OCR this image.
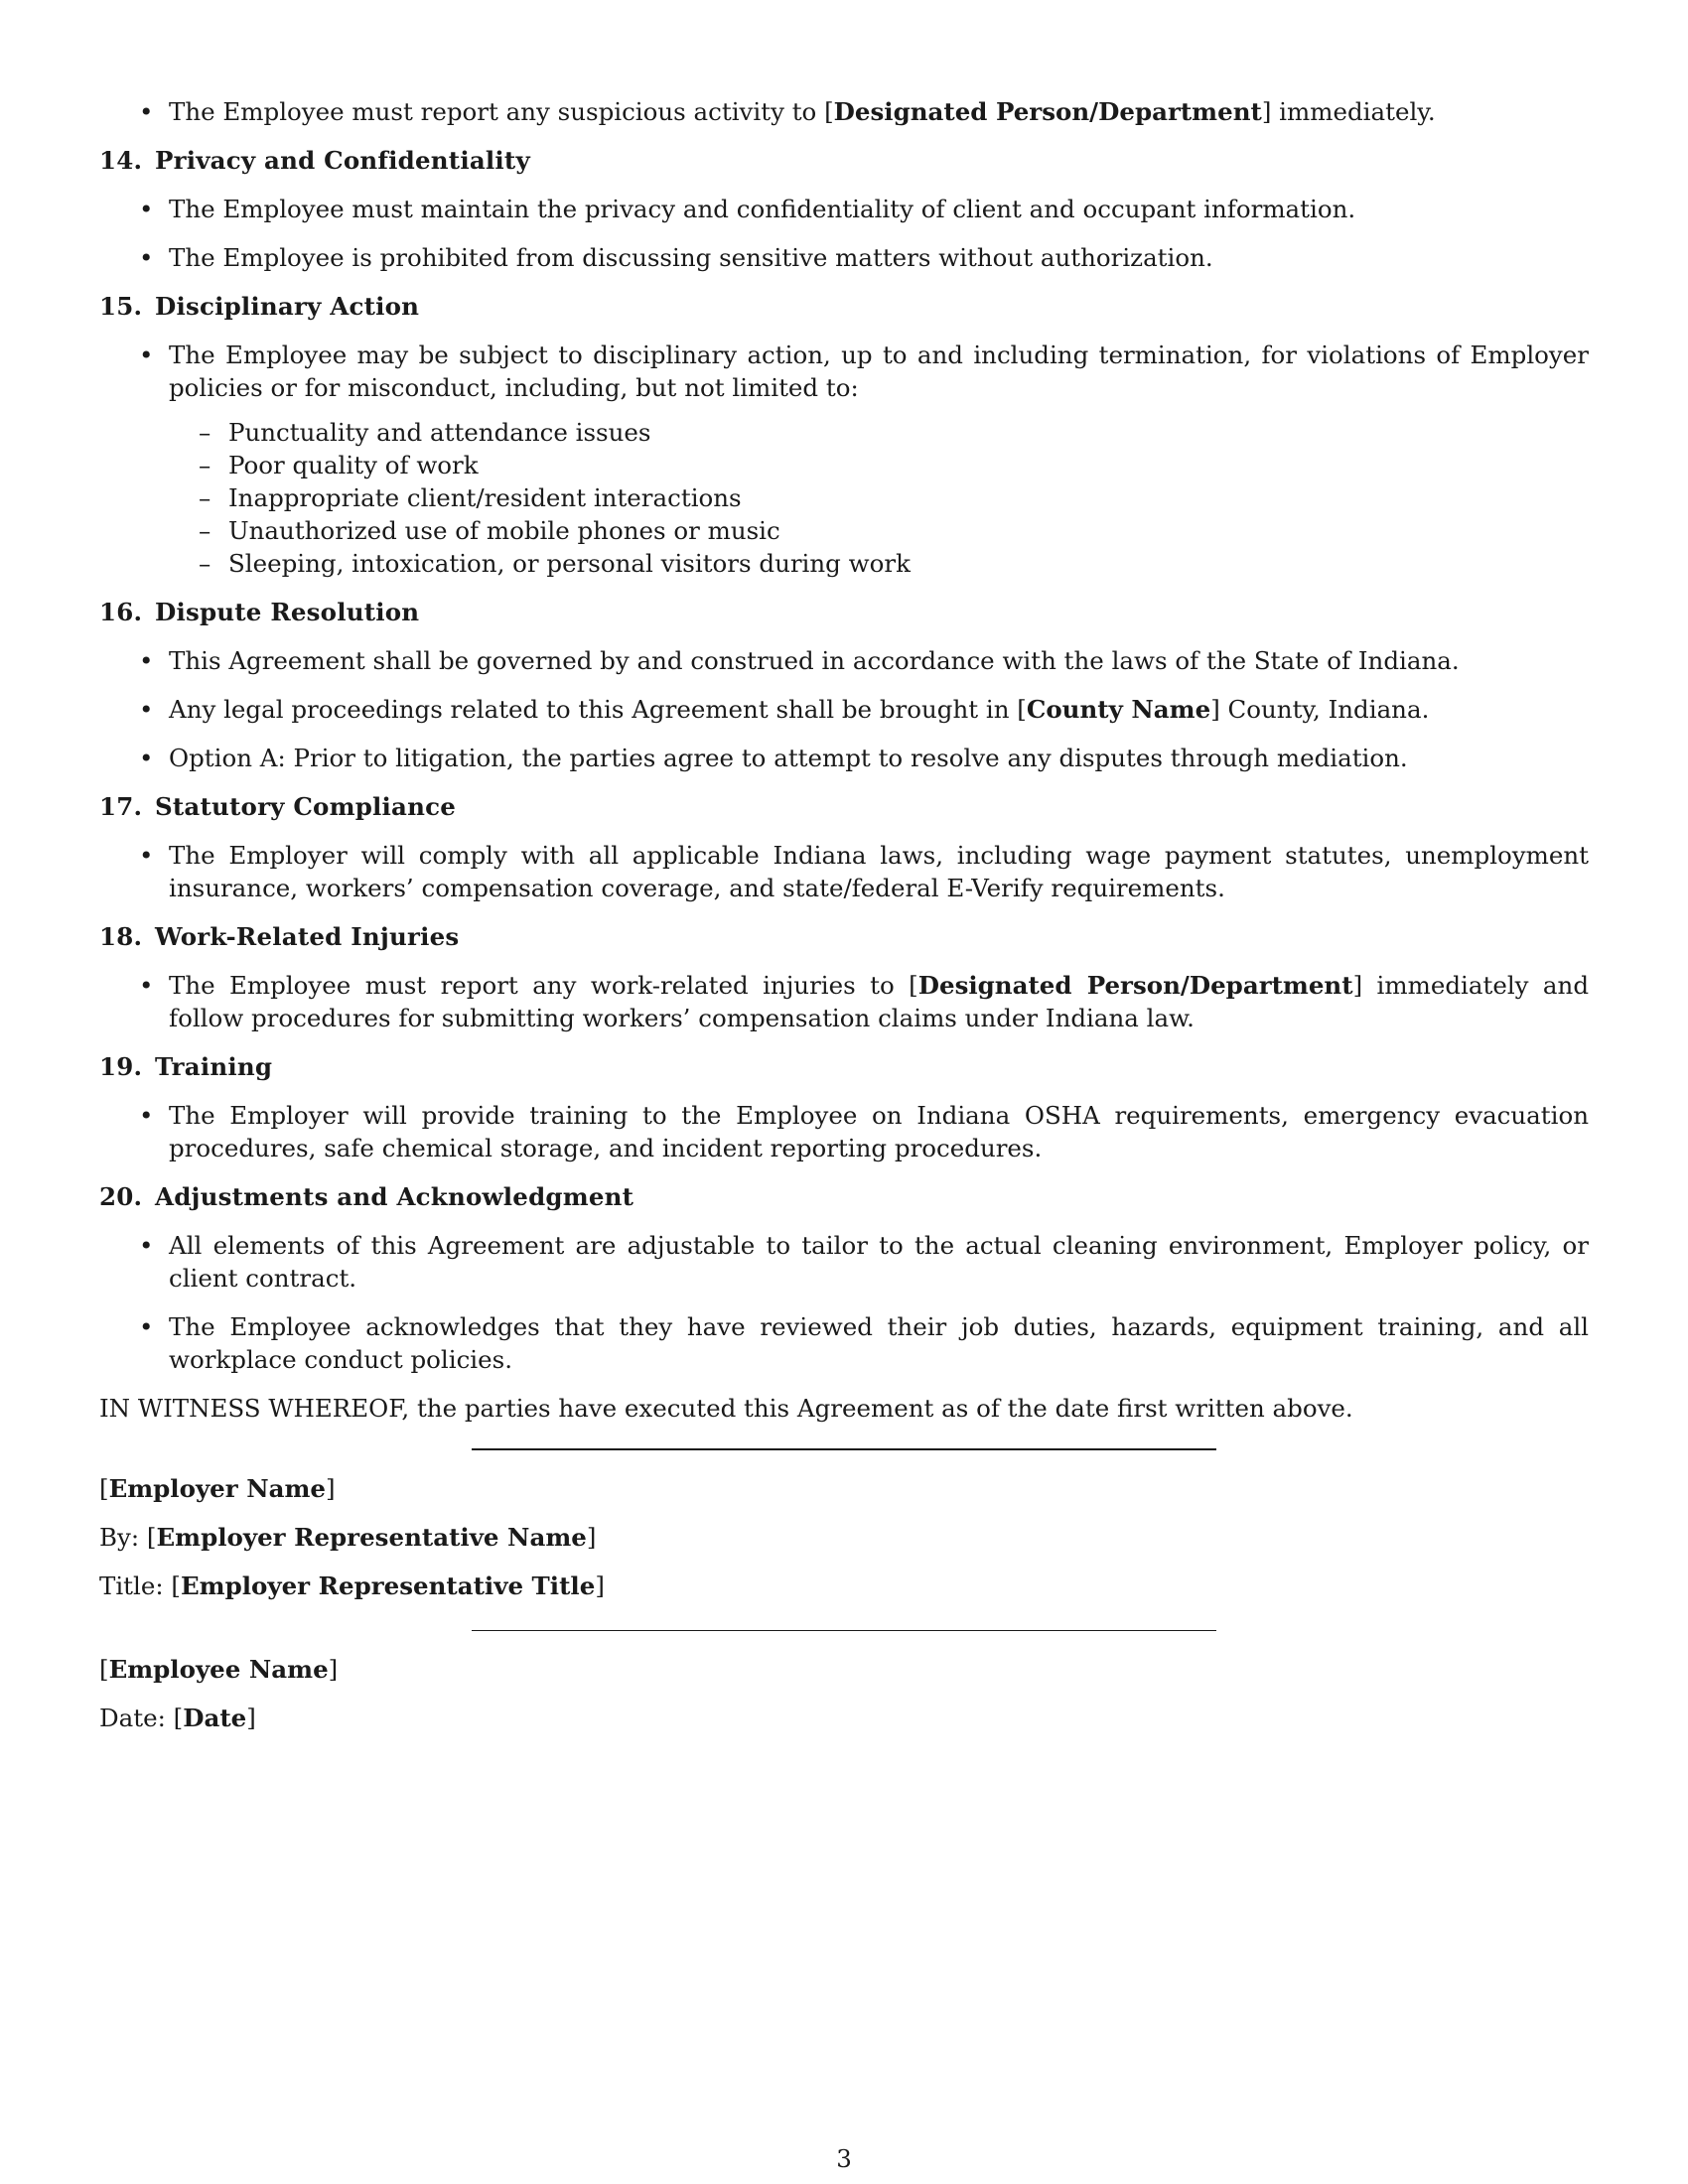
• The Employee must report any suspicious activity to [Designated Person/Department] immediately.

14. Privacy and Confidentiality

• The Employee must maintain the privacy and confidentiality of client and occupant information.

• The Employee is prohibited from discussing sensitive matters without authorization.

15. Disciplinary Action

• The Employee may be subject to disciplinary action, up to and including termination, for violations of Employer policies or for misconduct, including, but not limited to:

– Punctuality and attendance issues
– Poor quality of work
– Inappropriate client/resident interactions
– Unauthorized use of mobile phones or music
– Sleeping, intoxication, or personal visitors during work

16. Dispute Resolution

• This Agreement shall be governed by and construed in accordance with the laws of the State of Indiana.

• Any legal proceedings related to this Agreement shall be brought in [County Name] County, Indiana.

• Option A: Prior to litigation, the parties agree to attempt to resolve any disputes through mediation.

17. Statutory Compliance

• The Employer will comply with all applicable Indiana laws, including wage payment statutes, unemployment insurance, workers’ compensation coverage, and state/federal E-Verify requirements.

18. Work-Related Injuries

• The Employee must report any work-related injuries to [Designated Person/Department] immediately and follow procedures for submitting workers’ compensation claims under Indiana law.

19. Training

• The Employer will provide training to the Employee on Indiana OSHA requirements, emergency evacuation procedures, safe chemical storage, and incident reporting procedures.

20. Adjustments and Acknowledgment

• All elements of this Agreement are adjustable to tailor to the actual cleaning environment, Employer policy, or client contract.

• The Employee acknowledges that they have reviewed their job duties, hazards, equipment training, and all workplace conduct policies.

IN WITNESS WHEREOF, the parties have executed this Agreement as of the date first written above.

[Employer Name]

By: [Employer Representative Name]

Title: [Employer Representative Title]

[Employee Name]

Date: [Date]

3
